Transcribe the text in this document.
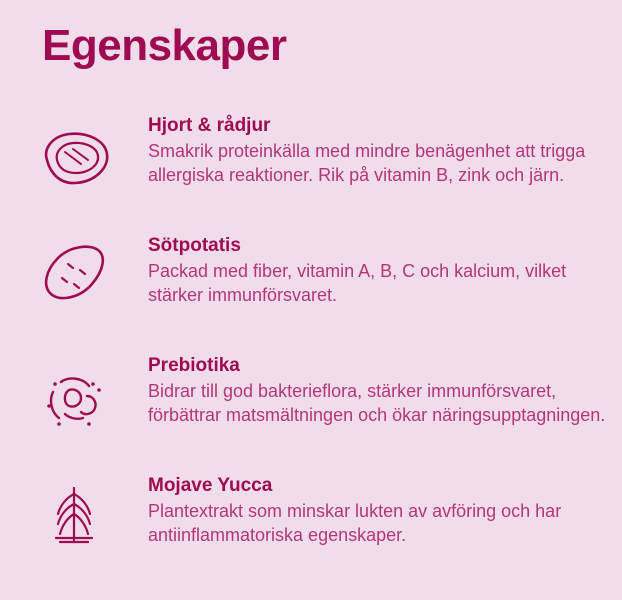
Egenskaper
Hjort & rådjur
Smakrik proteinkälla med mindre benägenhet att trigga allergiska reaktioner. Rik på vitamin B, zink och järn.
Sötpotatis
Packad med fiber, vitamin A, B, C och kalcium, vilket stärker immunförsvaret.
Prebiotika
Bidrar till god bakterieflora, stärker immunförsvaret, förbättrar matsmältningen och ökar näringsupptagningen.
Mojave Yucca
Plantextrakt som minskar lukten av avföring och har antiinflammatoriska egenskaper.
